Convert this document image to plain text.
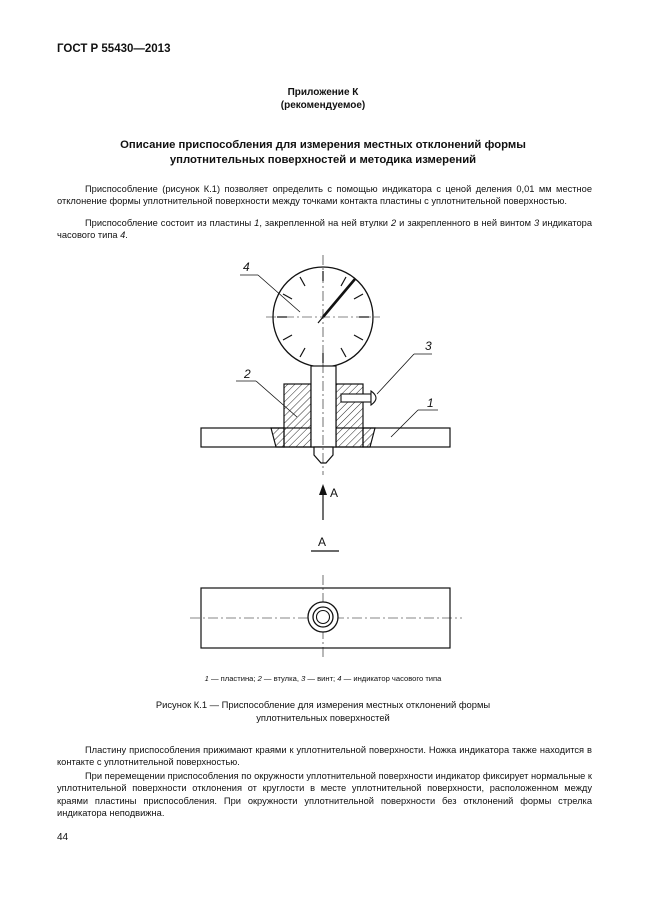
ГОСТ Р 55430—2013
Приложение К
(рекомендуемое)
Описание приспособления для измерения местных отклонений формы
уплотнительных поверхностей и методика измерений

Приспособление (рисунок К.1) позволяет определить с помощью индикатора с ценой деления 0,01 мм местное отклонение формы уплотнительной поверхности между точками контакта пластины с уплотнительной поверхностью.

Приспособление состоит из пластины 1, закрепленной на ней втулки 2 и закрепленного в ней винтом 3 индикатора часового типа 4.

4
3
2
1
А
А
1 — пластина; 2 — втулка, 3 — винт; 4 — индикатор часового типа
Рисунок К.1 — Приспособление для измерения местных отклонений формы
уплотнительных поверхностей

Пластину приспособления прижимают краями к уплотнительной поверхности. Ножка индикатора также находится в контакте с уплотнительной поверхностью.

При перемещении приспособления по окружности уплотнительной поверхности индикатор фиксирует нормальные к уплотнительной поверхности отклонения от круглости в месте уплотнительной поверхности, расположенном между краями пластины приспособления. При окружности уплотнительной поверхности без отклонений формы стрелка индикатора неподвижна.

44
